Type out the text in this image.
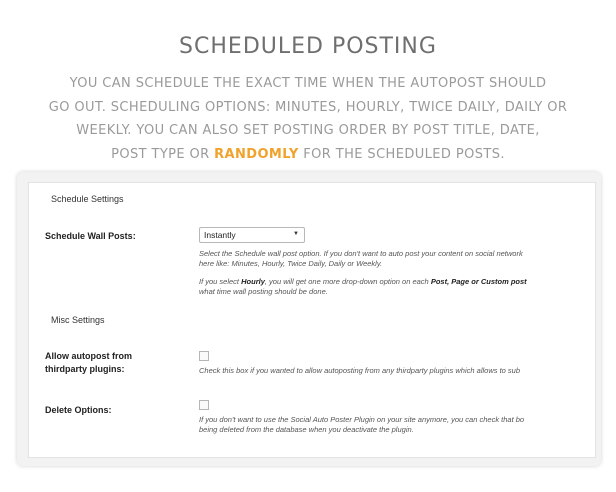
SCHEDULED POSTING
YOU CAN SCHEDULE THE EXACT TIME WHEN THE AUTOPOST SHOULD
GO OUT. SCHEDULING OPTIONS: MINUTES, HOURLY, TWICE DAILY, DAILY OR
WEEKLY. YOU CAN ALSO SET POSTING ORDER BY POST TITLE, DATE,
POST TYPE OR RANDOMLY FOR THE SCHEDULED POSTS.
Schedule Settings
Schedule Wall Posts:	Instantly	▼
Select the Schedule wall post option. If you don't want to auto post your content on social network
here like: Minutes, Hourly, Twice Daily, Daily or Weekly.
If you select Hourly, you will get one more drop-down option on each Post, Page or Custom post
what time wall posting should be done.
Misc Settings
Allow autopost from
thirdparty plugins:	Check this box if you wanted to allow autoposting from any thirdparty plugins which allows to sub
Delete Options:
If you don't want to use the Social Auto Poster Plugin on your site anymore, you can check that bo
being deleted from the database when you deactivate the plugin.
